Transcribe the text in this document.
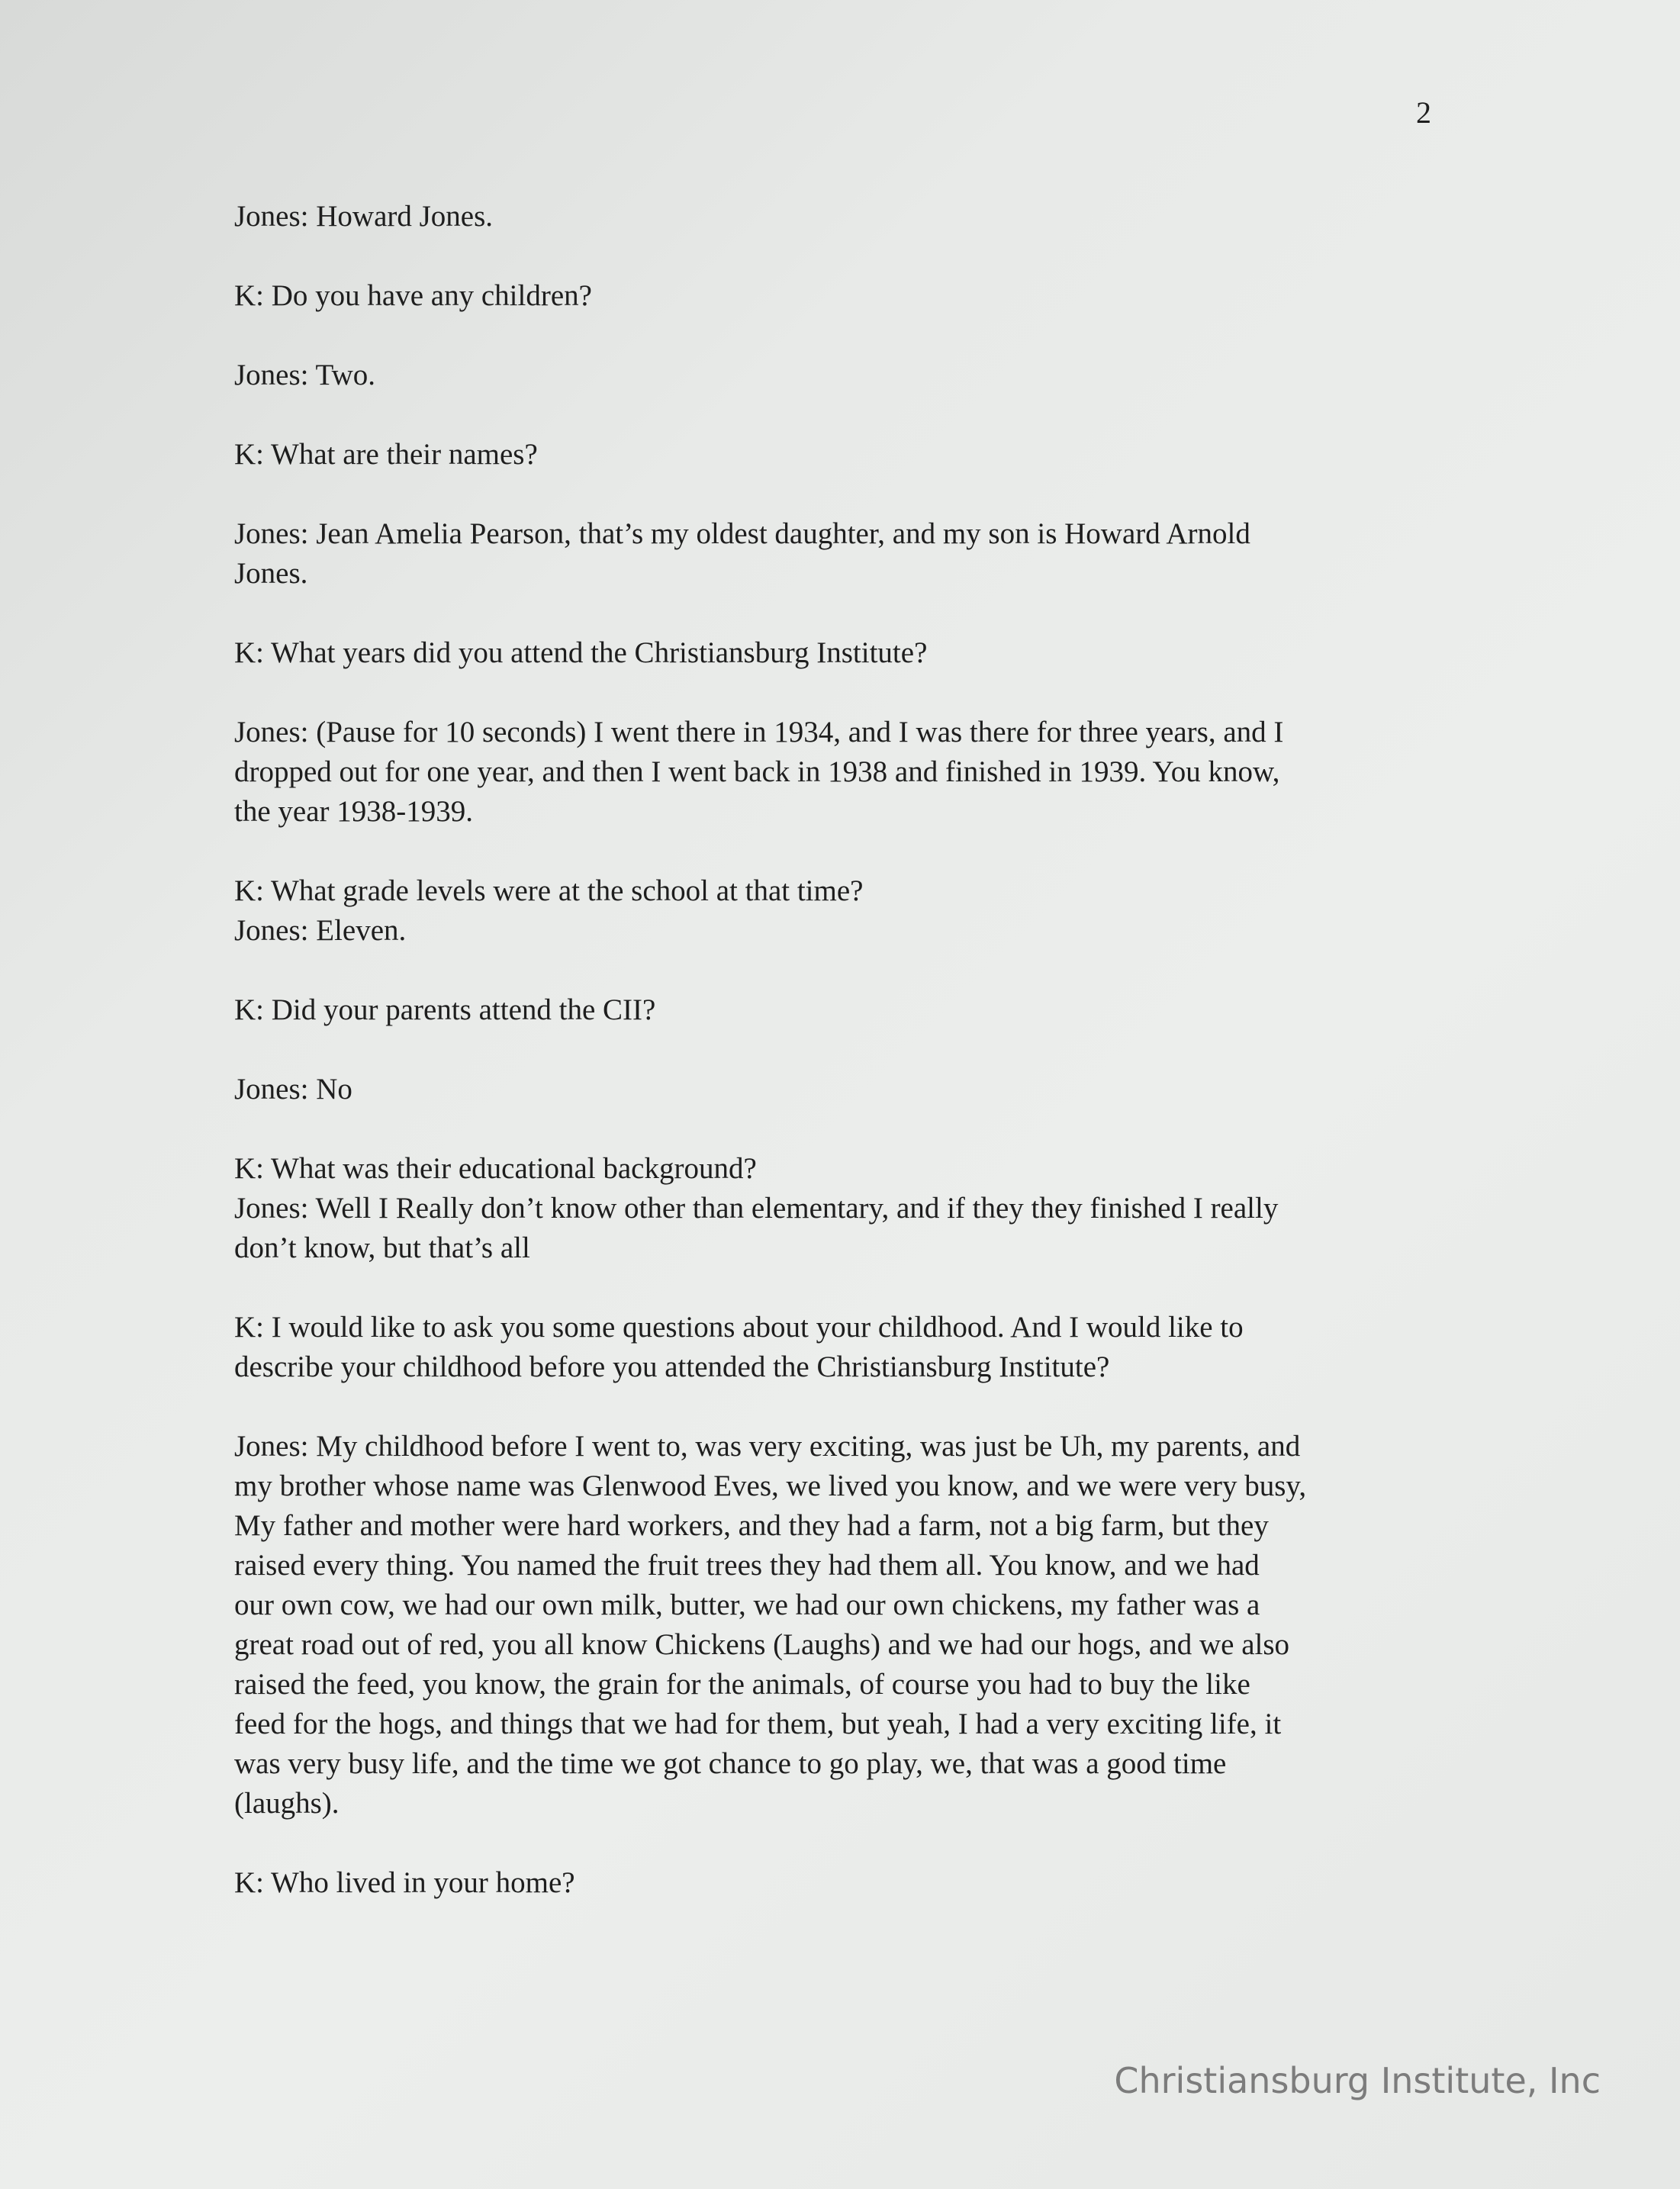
2

Jones: Howard Jones.

K: Do you have any children?

Jones: Two.

K: What are their names?

Jones: Jean Amelia Pearson, that’s my oldest daughter, and my son is Howard Arnold
Jones.

K: What years did you attend the Christiansburg Institute?

Jones: (Pause for 10 seconds) I went there in 1934, and I was there for three years, and I
dropped out for one year, and then I went back in 1938 and finished in 1939. You know,
the year 1938-1939.

K: What grade levels were at the school at that time?

Jones: Eleven.

K: Did your parents attend the CII?

Jones: No

K: What was their educational background?

Jones: Well I Really don’t know other than elementary, and if they they finished I really
don’t know, but that’s all

K: I would like to ask you some questions about your childhood. And I would like to
describe your childhood before you attended the Christiansburg Institute?

Jones: My childhood before I went to, was very exciting, was just be Uh, my parents, and
my brother whose name was Glenwood Eves, we lived you know, and we were very busy,
My father and mother were hard workers, and they had a farm, not a big farm, but they
raised every thing. You named the fruit trees they had them all. You know, and we had
our own cow, we had our own milk, butter, we had our own chickens, my father was a
great road out of red, you all know Chickens (Laughs) and we had our hogs, and we also
raised the feed, you know, the grain for the animals, of course you had to buy the like
feed for the hogs, and things that we had for them, but yeah, I had a very exciting life, it
was very busy life, and the time we got chance to go play, we, that was a good time
(laughs).

K: Who lived in your home?

Christiansburg Institute, Inc
